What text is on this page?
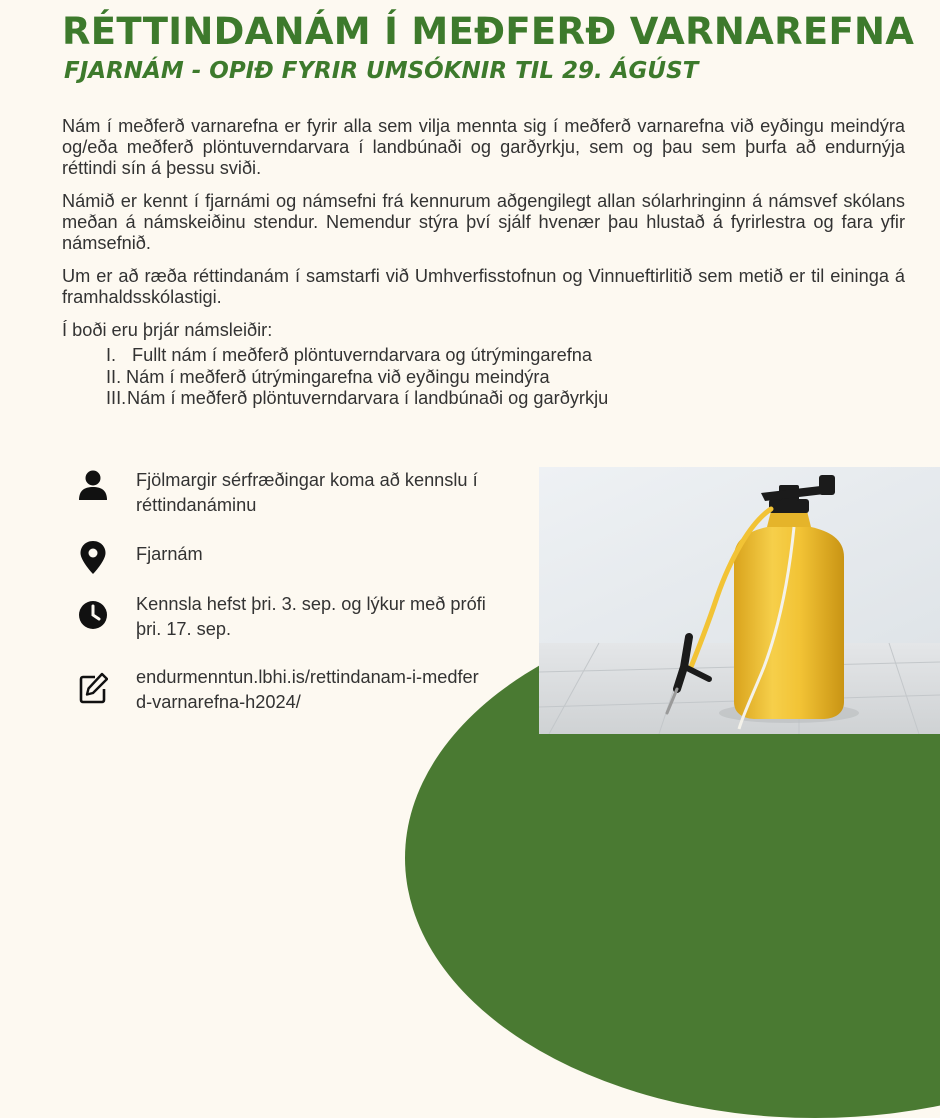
RÉTTINDANÁM Í MEÐFERÐ VARNAREFNA
FJARNÁM - OPIÐ FYRIR UMSÓKNIR TIL 29. ÁGÚST

Nám í meðferð varnarefna er fyrir alla sem vilja mennta sig í meðferð varnarefna við eyðingu meindýra og/eða meðferð plöntuverndarvara í landbúnaði og garðyrkju, sem og þau sem þurfa að endurnýja réttindi sín á þessu sviði.

Námið er kennt í fjarnámi og námsefni frá kennurum aðgengilegt allan sólarhringinn á námsvef skólans meðan á námskeiðinu stendur. Nemendur stýra því sjálf hvenær þau hlustað á fyrirlestra og fara yfir námsefnið.

Um er að ræða réttindanám í samstarfi við Umhverfisstofnun og Vinnueftirlitið sem metið er til eininga á framhaldsskólastigi.

Í boði eru þrjár námsleiðir:

I. Fullt nám í meðferð plöntuverndarvara og útrýmingarefna
II. Nám í meðferð útrýmingarefna við eyðingu meindýra
III.Nám í meðferð plöntuverndarvara í landbúnaði og garðyrkju
Fjölmargir sérfræðingar koma að kennslu í réttindanáminu
Fjarnám
Kennsla hefst þri. 3. sep. og lýkur með prófi þri. 17. sep.
endurmenntun.lbhi.is/rettindanam-i-medferd-varnarefna-h2024/
